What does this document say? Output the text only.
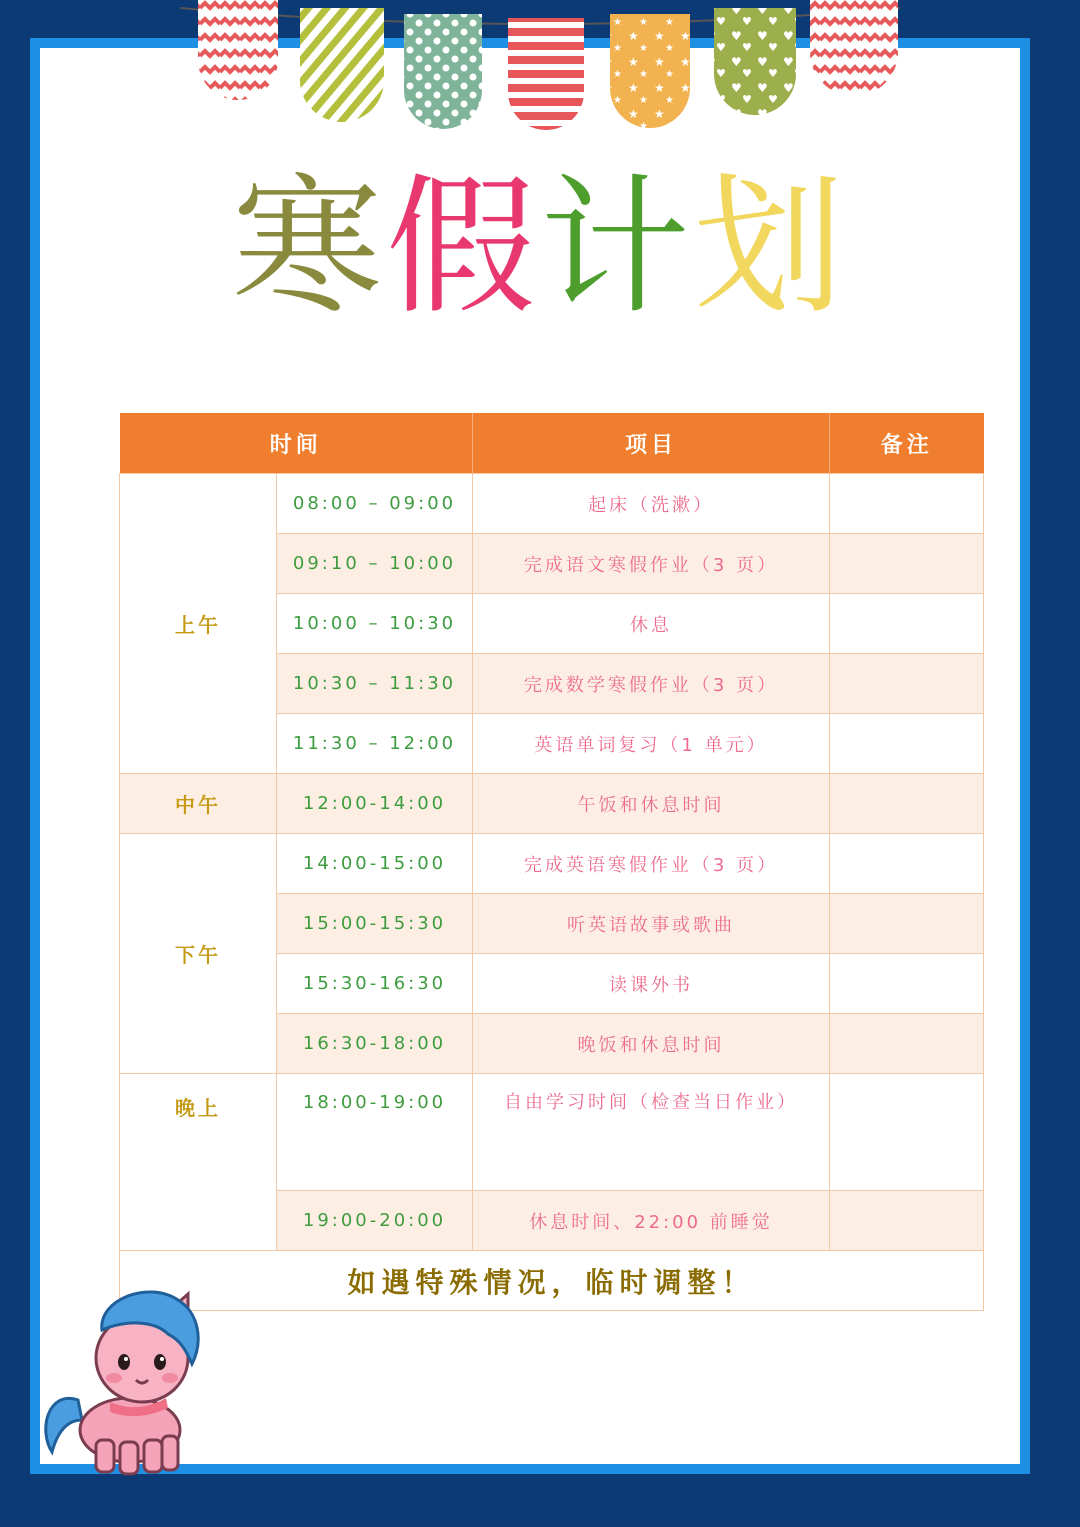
寒假计划
时间		项目	备注
上午	08:00 – 09:00	起床（洗漱）	
	09:10 – 10:00	完成语文寒假作业（3 页）	
	10:00 – 10:30	休息	
	10:30 – 11:30	完成数学寒假作业（3 页）	
	11:30 – 12:00	英语单词复习（1 单元）	
中午	12:00-14:00	午饭和休息时间	
下午	14:00-15:00	完成英语寒假作业（3 页）	
	15:00-15:30	听英语故事或歌曲	
	15:30-16:30	读课外书	
	16:30-18:00	晚饭和休息时间	
晚上	18:00-19:00	自由学习时间（检查当日作业）	
	19:00-20:00	休息时间、22:00 前睡觉	
如遇特殊情况，临时调整！			
